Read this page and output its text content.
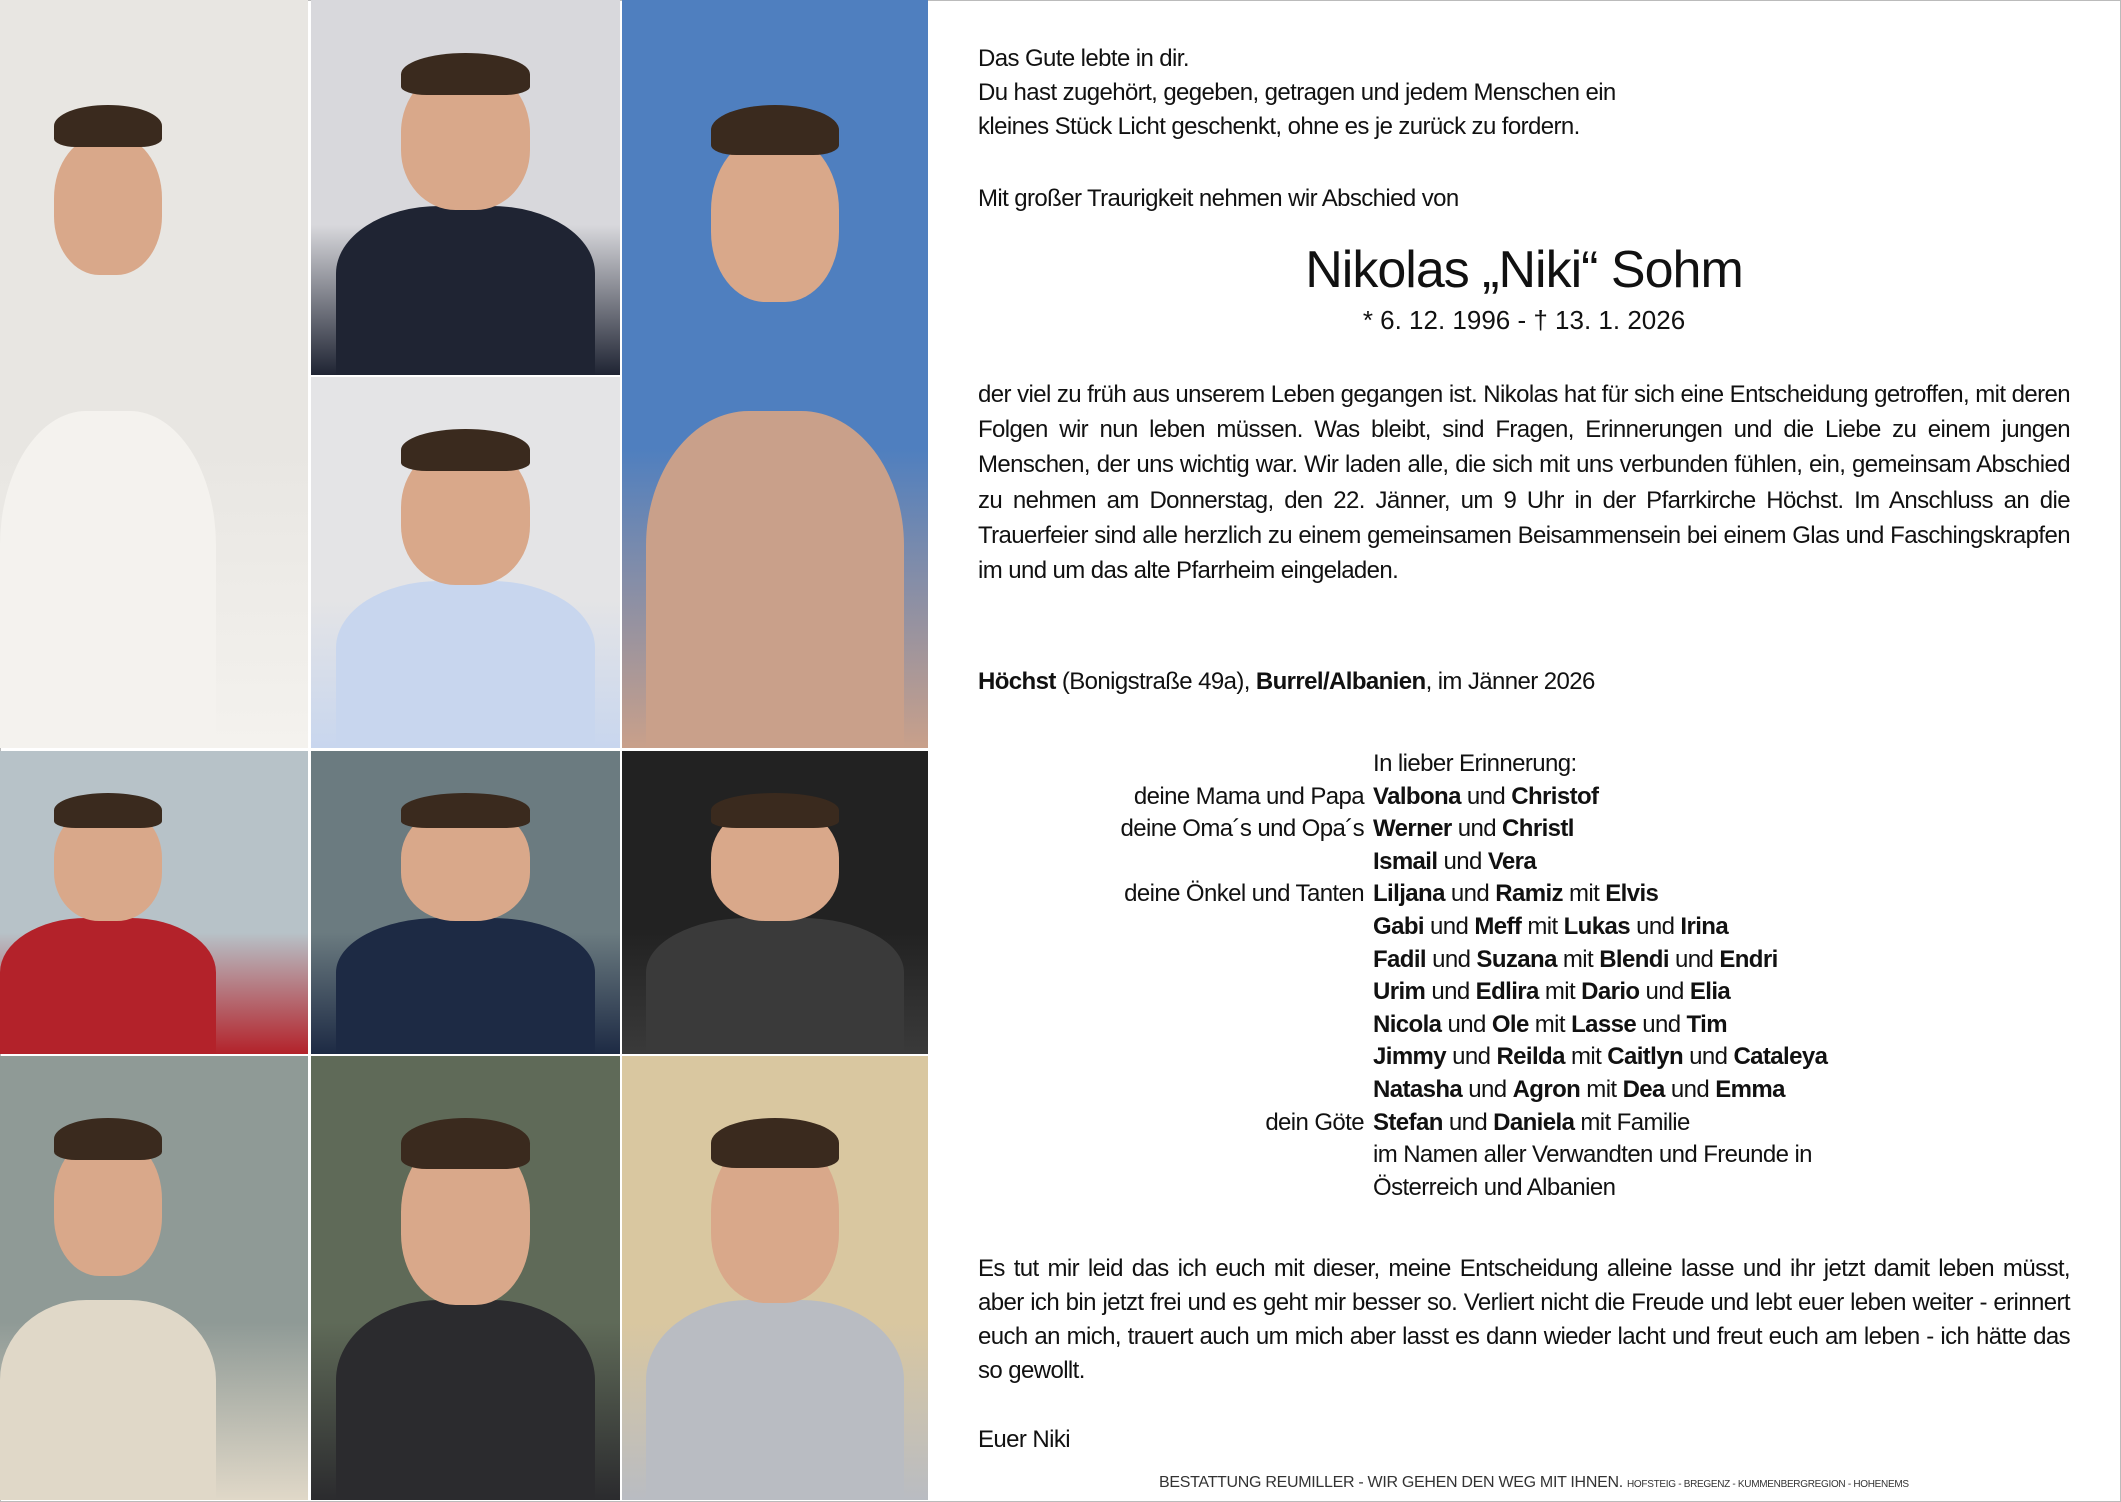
Das Gute lebte in dir.
Du hast zugehört, gegeben, getragen und jedem Menschen ein
kleines Stück Licht geschenkt, ohne es je zurück zu fordern.
Mit großer Traurigkeit nehmen wir Abschied von
Nikolas „Niki“ Sohm
* 6. 12. 1996 - † 13. 1. 2026
der viel zu früh aus unserem Leben gegangen ist. Nikolas hat für sich eine Entscheidung getroffen, mit deren Folgen wir nun leben müssen. Was bleibt, sind Fragen, Erinnerungen und die Liebe zu einem jungen Menschen, der uns wichtig war. Wir laden alle, die sich mit uns verbunden fühlen, ein, gemeinsam Abschied zu nehmen am Donnerstag, den 22. Jänner, um 9 Uhr in der Pfarrkirche Höchst. Im Anschluss an die Trauerfeier sind alle herzlich zu einem gemeinsamen Beisammensein bei einem Glas und Faschingskrapfen im und um das alte Pfarrheim eingeladen.
Höchst (Bonigstraße 49a), Burrel/Albanien, im Jänner 2026
In lieber Erinnerung:
deine Mama und Papa Valbona und Christof
deine Oma´s und Opa´s Werner und Christl
Ismail und Vera
deine Önkel und Tanten Liljana und Ramiz mit Elvis
Gabi und Meff mit Lukas und Irina
Fadil und Suzana mit Blendi und Endri
Urim und Edlira mit Dario und Elia
Nicola und Ole mit Lasse und Tim
Jimmy und Reilda mit Caitlyn und Cataleya
Natasha und Agron mit Dea und Emma
dein Göte Stefan und Daniela mit Familie
im Namen aller Verwandten und Freunde in
Österreich und Albanien
Es tut mir leid das ich euch mit dieser, meine Entscheidung alleine lasse und ihr jetzt damit leben müsst, aber ich bin jetzt frei und es geht mir besser so. Verliert nicht die Freude und lebt euer leben weiter - erinnert euch an mich, trauert auch um mich aber lasst es dann wieder lacht und freut euch am leben - ich hätte das so gewollt.
Euer Niki
BESTATTUNG REUMILLER - WIR GEHEN DEN WEG MIT IHNEN. HOFSTEIG - BREGENZ - KUMMENBERGREGION - HOHENEMS
